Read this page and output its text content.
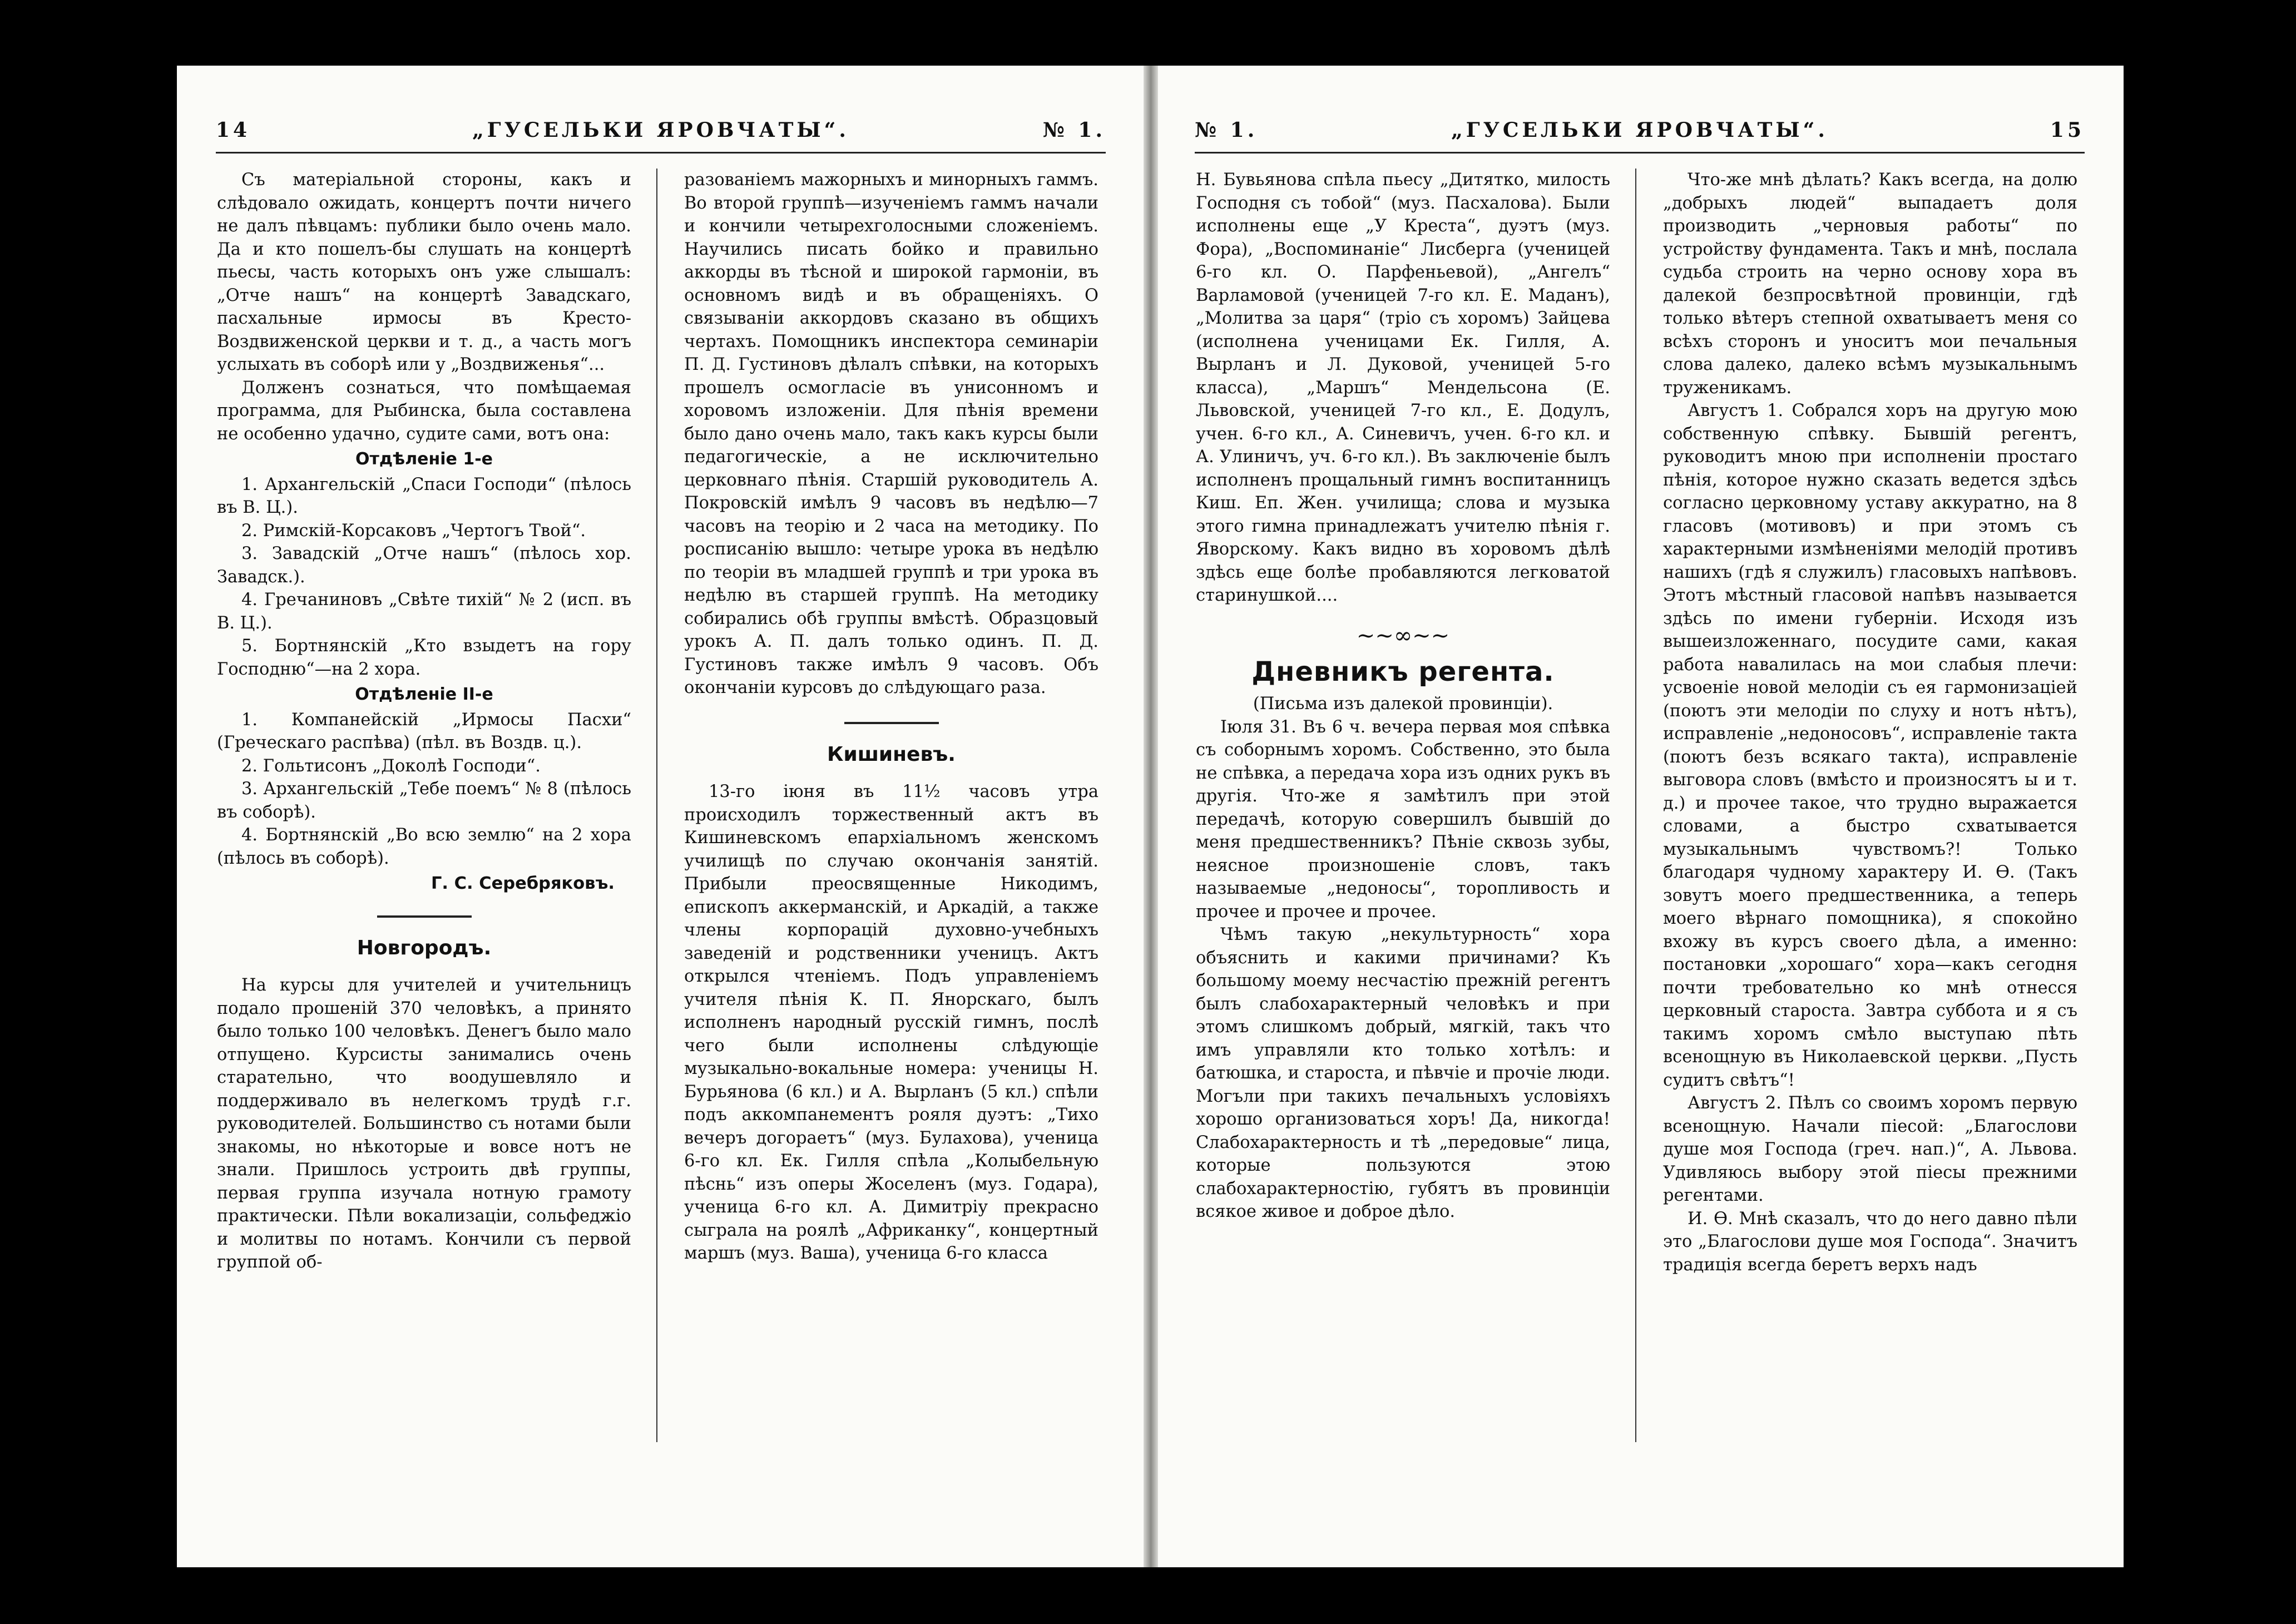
14	„ГУСЕЛЬКИ ЯРОВЧАТЫ“.	№ 1.

Съ матеріальной стороны, какъ и слѣдовало ожидать, концертъ почти ничего не далъ пѣвцамъ: публики было очень мало. Да и кто пошелъ-бы слушать на концертѣ пьесы, часть которыхъ онъ уже слышалъ: „Отче нашъ“ на концертѣ Завадскаго, пасхальные ирмосы въ Кресто-Воздвиженской церкви и т. д., а часть могъ услыхать въ соборѣ или у „Воздвиженья“...

Долженъ сознаться, что помѣщаемая программа, для Рыбинска, была составлена не особенно удачно, судите сами, вотъ она:

Отдѣленіе 1-е

1. Архангельскій „Спаси Господи“ (пѣлось въ В. Ц.).

2. Римскій-Корсаковъ „Чертогъ Твой“.

3. Завадскій „Отче нашъ“ (пѣлось хор. Завадск.).

4. Гречаниновъ „Свѣте тихій“ № 2 (исп. въ В. Ц.).

5. Бортнянскій „Кто взыдетъ на гору Господню“—на 2 хора.

Отдѣленіе II-е

1. Компанейскій „Ирмосы Пасхи“ (Греческаго распѣва) (пѣл. въ Воздв. ц.).

2. Гольтисонъ „Доколѣ Господи“.

3. Архангельскій „Тебе поемъ“ № 8 (пѣлось въ соборѣ).

4. Бортнянскій „Во всю землю“ на 2 хора (пѣлось въ соборѣ).

Г. С. Серебряковъ.
Новгородъ.

На курсы для учителей и учительницъ подало прошеній 370 человѣкъ, а принято было только 100 человѣкъ. Денегъ было мало отпущено. Курсисты занимались очень старательно, что воодушевляло и поддерживало въ нелегкомъ трудѣ г.г. руководителей. Большинство съ нотами были знакомы, но нѣкоторые и вовсе нотъ не знали. Пришлось устроить двѣ группы, первая группа изучала нотную грамоту практически. Пѣли вокализаціи, сольфеджіо и молитвы по нотамъ. Кончили съ первой группой об-

разованіемъ мажорныхъ и минорныхъ гаммъ. Во второй группѣ—изученіемъ гаммъ начали и кончили четырехголосными сложеніемъ. Научились писать бойко и правильно аккорды въ тѣсной и широкой гармоніи, въ основномъ видѣ и въ обращеніяхъ. О связываніи аккордовъ сказано въ общихъ чертахъ. Помощникъ инспектора семинаріи П. Д. Густиновъ дѣлалъ спѣвки, на которыхъ прошелъ осмогласіе въ унисонномъ и хоровомъ изложеніи. Для пѣнія времени было дано очень мало, такъ какъ курсы были педагогическіе, а не исключительно церковнаго пѣнія. Старшій руководитель А. Покровскій имѣлъ 9 часовъ въ недѣлю—7 часовъ на теорію и 2 часа на методику. По росписанію вышло: четыре урока въ недѣлю по теоріи въ младшей группѣ и три урока въ недѣлю въ старшей группѣ. На методику собирались обѣ группы вмѣстѣ. Образцовый урокъ А. П. далъ только одинъ. П. Д. Густиновъ также имѣлъ 9 часовъ. Объ окончаніи курсовъ до слѣдующаго раза.

Кишиневъ.

13-го іюня въ 11½ часовъ утра происходилъ торжественный актъ въ Кишиневскомъ епархіальномъ женскомъ училищѣ по случаю окончанія занятій. Прибыли преосвященные Никодимъ, епископъ аккерманскій, и Аркадій, а также члены корпорацій духовно-учебныхъ заведеній и родственники ученицъ. Актъ открылся чтеніемъ. Подъ управленіемъ учителя пѣнія К. П. Янорскаго, былъ исполненъ народный русскій гимнъ, послѣ чего были исполнены слѣдующіе музыкально-вокальные номера: ученицы Н. Бурьянова (6 кл.) и А. Вырланъ (5 кл.) спѣли подъ аккомпанементъ рояля дуэтъ: „Тихо вечеръ догораетъ“ (муз. Булахова), ученица 6-го кл. Ек. Гилля спѣла „Колыбельную пѣснь“ изъ оперы Жоселенъ (муз. Годара), ученица 6-го кл. А. Димитріу прекрасно сыграла на роялѣ „Африканку“, концертный маршъ (муз. Ваша), ученица 6-го класса

№ 1.	„ГУСЕЛЬКИ ЯРОВЧАТЫ“.	15

Н. Бувьянова спѣла пьесу „Дитятко, милость Господня съ тобой“ (муз. Пасхалова). Были исполнены еще „У Креста“, дуэтъ (муз. Фора), „Воспоминаніе“ Лисберга (ученицей 6-го кл. О. Парфеньевой), „Ангелъ“ Варламовой (ученицей 7-го кл. Е. Маданъ), „Молитва за царя“ (тріо съ хоромъ) Зайцева (исполнена ученицами Ек. Гилля, А. Вырланъ и Л. Дуковой, ученицей 5-го класса), „Маршъ“ Мендельсона (Е. Львовской, ученицей 7-го кл., Е. Додулъ, учен. 6-го кл., А. Синевичъ, учен. 6-го кл. и А. Улиничъ, уч. 6-го кл.). Въ заключеніе былъ исполненъ прощальный гимнъ воспитанницъ Киш. Еп. Жен. училища; слова и музыка этого гимна принадлежатъ учителю пѣнія г. Яворскому. Какъ видно въ хоровомъ дѣлѣ здѣсь еще болѣе пробавляются легковатой старинушкой....

~~∞~~
Дневникъ регента.

(Письма изъ далекой провинціи).

Іюля 31. Въ 6 ч. вечера первая моя спѣвка съ соборнымъ хоромъ. Собственно, это была не спѣвка, а передача хора изъ одних рукъ въ другія. Что-же я замѣтилъ при этой передачѣ, которую совершилъ бывшій до меня предшественникъ? Пѣніе сквозь зубы, неясное произношеніе словъ, такъ называемые „недоносы“, торопливость и прочее и прочее и прочее.

Чѣмъ такую „некультурность“ хора объяснить и какими причинами? Къ большому моему несчастію прежній регентъ былъ слабохарактерный человѣкъ и при этомъ слишкомъ добрый, мягкій, такъ что имъ управляли кто только хотѣлъ: и батюшка, и староста, и пѣвчіе и прочіе люди. Могъли при такихъ печальныхъ условіяхъ хорошо организоваться хоръ! Да, никогда! Слабохарактерность и тѣ „передовые“ лица, которые пользуются этою слабохарактерностію, губятъ въ провинціи всякое живое и доброе дѣло.

Что-же мнѣ дѣлать? Какъ всегда, на долю „добрыхъ людей“ выпадаетъ доля производить „черновыя работы“ по устройству фундамента. Такъ и мнѣ, послала судьба строить на черно основу хора въ далекой безпросвѣтной провинціи, гдѣ только вѣтеръ степной охватываетъ меня со всѣхъ сторонъ и уноситъ мои печальныя слова далеко, далеко всѣмъ музыкальнымъ труженикамъ.

Августъ 1. Собрался хоръ на другую мою собственную спѣвку. Бывшій регентъ, руководитъ мною при исполненіи простаго пѣнія, которое нужно сказать ведется здѣсь согласно церковному уставу аккуратно, на 8 гласовъ (мотивовъ) и при этомъ съ характерными измѣненіями мелодій противъ нашихъ (гдѣ я служилъ) гласовыхъ напѣвовъ. Этотъ мѣстный гласовой напѣвъ называется здѣсь по имени губерніи. Исходя изъ вышеизложеннаго, посудите сами, какая работа навалилась на мои слабыя плечи: усвоеніе новой мелодіи съ ея гармонизаціей (поютъ эти мелодіи по слуху и нотъ нѣтъ), исправленіе „недоносовъ“, исправленіе такта (поютъ безъ всякаго такта), исправленіе выговора словъ (вмѣсто и произносятъ ы и т. д.) и прочее такое, что трудно выражается словами, а быстро схватывается музыкальнымъ чувствомъ?! Только благодаря чудному характеру И. Ѳ. (Такъ зовутъ моего предшественника, а теперь моего вѣрнаго помощника), я спокойно вхожу въ курсъ своего дѣла, а именно: постановки „хорошаго“ хора—какъ сегодня почти требовательно ко мнѣ отнесся церковный староста. Завтра суббота и я съ такимъ хоромъ смѣло выступаю пѣть всенощную въ Николаевской церкви. „Пусть судитъ свѣтъ“!

Августъ 2. Пѣлъ со своимъ хоромъ первую всенощную. Начали пiесой: „Благослови душе моя Господа (греч. нап.)“, А. Львова. Удивляюсь выбору этой пiесы прежними регентами.

И. Ѳ. Мнѣ сказалъ, что до него давно пѣли это „Благослови душе моя Господа“. Значитъ традиція всегда беретъ верхъ надъ
